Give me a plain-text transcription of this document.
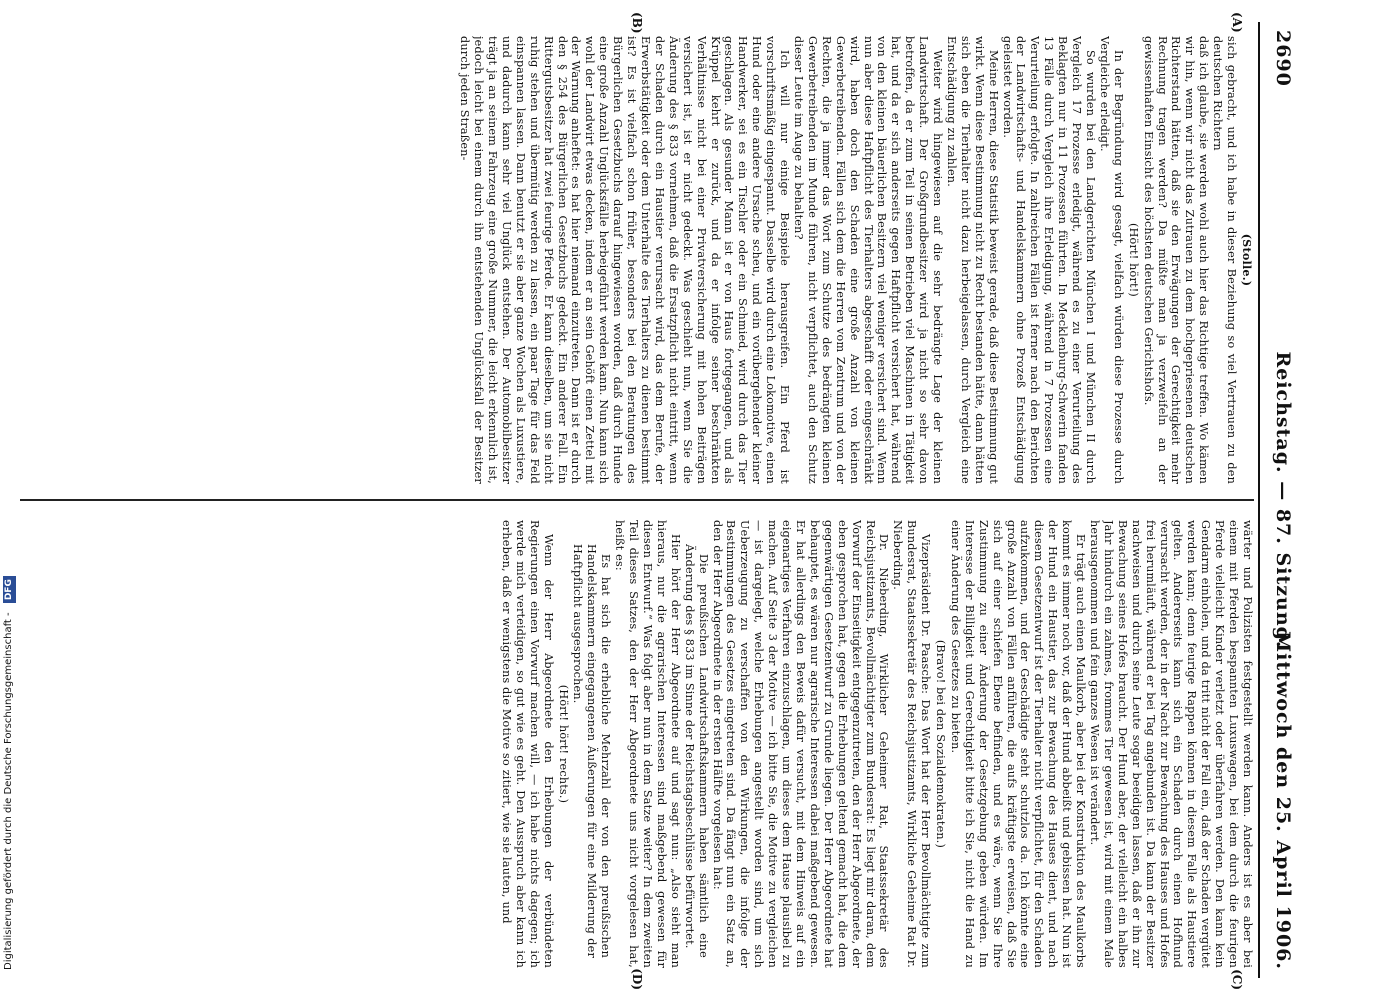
2690
Reichstag. — 87. Sitzung.
Mittwoch den 25. April 1906.
(A)
(B)
(C)
(D)
(Stolle.)

sich gebracht, und ich habe in dieser Beziehung so viel Vertrauen zu den deutschen Richtern

daß ich glaube, sie werden wohl auch hier das Richtige treffen. Wo kämen wir hin, wenn wir nicht das Zutrauen zu dem hochgepriesenen deutschen Richterstand hätten, daß sie den Erwägungen der Gerechtigkeit mehr Rechnung tragen werden? Da müßte man ja verzweifeln an der gewissenhaften Einsicht des höchsten deutschen Gerichtshofs.

(Hört! hört!)

In der Begründung wird gesagt, vielfach würden diese Prozesse durch Vergleiche erledigt.

So wurden bei den Landgerichten München I und München II durch Vergleich 17 Prozesse erledigt, während es zu einer Verurteilung des Beklagten nur in 11 Prozessen führten. In Mecklenburg-Schwerin fanden 13 Fälle durch Vergleich ihre Erledigung, während in 7 Prozessen eine Verurteilung erfolgte. In zahlreichen Fällen ist ferner nach den Berichten der Landwirtschafts- und Handelskammern ohne Prozeß Entschädigung geleistet worden.

Meine Herren, diese Statistik beweist gerade, daß diese Bestimmung gut wirkt. Wenn diese Bestimmung nicht zu Recht bestanden hätte, dann hätten sich eben die Tierhalter nicht dazu herbeigelassen, durch Vergleich eine Entschädigung zu zahlen.

Weiter wird hingewiesen auf die sehr bedrängte Lage der kleinen Landwirtschaft. Der Großgrundbesitzer wird ja nicht so sehr davon betroffen, da er zum Teil in seinen Betrieben viel Maschinen in Tätigkeit hat, und da er sich anderseits gegen Haftpflicht versichert hat, während von den kleinen bäuerlichen Besitzern viel weniger versichert sind. Wenn nun aber diese Haftpflicht des Tierhalters abgeschafft oder eingeschränkt wird, haben doch den Schaden eine große Anzahl von kleinen Gewerbetreibenden. Fällen sich dem die Herren vom Zentrum und von der Rechten, die ja immer das Wort zum Schutze des bedrängten kleinen Gewerbetreibenden im Munde führen, nicht verpflichtet, auch den Schutz dieser Leute im Auge zu behalten?

Ich will nur einige Beispiele herausgreifen. Ein Pferd ist vorschriftsmäßig eingespannt. Dasselbe wird durch eine Lokomotive, einen Hund oder eine andere Ursache scheu, und ein vorübergehender kleiner Handwerker, sei es ein Tischler oder ein Schmied, wird durch das Tier geschlagen. Als gesunder Mann ist er von Haus fortgegangen, und als Krüppel kehrt er zurück, und da er infolge seiner beschränkten Verhältnisse nicht bei einer Privatversicherung mit hohen Beiträgen versichert ist, ist er nicht gedeckt. Was geschieht nun, wenn Sie die Änderung des § 833 vornehmen, daß die Ersatzpflicht nicht eintritt, wenn der Schaden durch ein Haustier verursacht wird, das dem Berufe, der Erwerbstätigkeit oder dem Unterhalte des Tierhalters zu dienen bestimmt ist? Es ist vielfach schon früher, besonders bei den Beratungen des Bürgerlichen Gesetzbuchs darauf hingewiesen worden, daß durch Hunde eine große Anzahl Unglücksfälle herbeigeführt werden kann. Nun kann sich wohl der Landwirt etwas decken, indem er an sein Gehöft einen Zettel mit der Warnung anheftet: es hat hier niemand einzutreten. Dann ist er durch den § 254 des Bürgerlichen Gesetzbuchs gedeckt. Ein anderer Fall. Ein Rittergutsbesitzer hat zwei feurige Pferde. Er kann dieselben, um sie nicht ruhig stehen und übermütig werden zu lassen, ein paar Tage für das Feld einspannen lassen. Dann benutzt er sie aber ganze Wochen als Luxustiere, und dadurch kann sehr viel Unglück entstehen. Der Automobilbesitzer trägt ja an seinem Fahrzeug eine große Nummer, die leicht erkennlich ist, jedoch leicht bei einem durch ihn entstehenden Unglücksfall der Besitzer durch jeden Straßen-

wärter und Polizisten festgestellt werden kann. Anders ist es aber bei einem mit Pferden bespannten Luxuswagen, bei dem durch die feurigen Pferde vielleicht Kinder verletzt oder überfahren werden. Den kann kein Gendarm einholen, und da tritt nicht der Fall ein, daß der Schaden vergütet werden kann; denn feurige Rappen können in diesem Falle als Haustiere gelten. Andererseits kann sich ein Schaden durch einen Hofhund verursacht werden, der in der Nacht zur Bewachung des Hauses und Hofes frei herumläuft, während er bei Tag angebunden ist. Da kann der Besitzer nachweisen und durch seine Leute sogar beeidigen lassen, daß er ihn zur Bewachung seines Hofes braucht. Der Hund aber, der vielleicht ein halbes Jahr hindurch ein zahmes, frommes Tier gewesen ist, wird mit einem Male herausgenommen und fein ganzes Wesen ist verändert.

Er trägt auch einen Maulkorb, aber bei der Konstruktion des Maulkorbs kommt es immer noch vor, daß der Hund abbeißt und gebissen hat. Nun ist der Hund ein Haustier, das zur Bewachung des Hauses dient, und nach diesem Gesetzentwurf ist der Tierhalter nicht verpflichtet, für den Schaden aufzukommen, und der Geschädigte steht schutzlos da. Ich könnte eine große Anzahl von Fällen anführen, die aufs kräftigste erweisen, daß Sie sich auf einer schiefen Ebene befinden, und es wäre, wenn Sie Ihre Zustimmung zu einer Änderung der Gesetzgebung geben würden. Im Interesse der Billigkeit und Gerechtigkeit bitte ich Sie, nicht die Hand zu einer Änderung des Gesetzes zu bieten.

(Bravo! bei den Sozialdemokraten.)

Vizepräsident Dr. Paasche: Das Wort hat der Herr Bevollmächtigte zum Bundesrat, Staatssekretär des Reichsjustizamts, Wirkliche Geheime Rat Dr. Nieberding.

Dr. Nieberding, Wirklicher Geheimer Rat, Staatssekretär des Reichsjustizamts, Bevollmächtigter zum Bundesrat: Es liegt mir daran, dem Vorwurf der Einseitigkeit entgegenzutreten, den der Herr Abgeordnete, der eben gesprochen hat, gegen die Erhebungen geltend gemacht hat, die dem gegenwärtigen Gesetzentwurf zu Grunde liegen. Der Herr Abgeordnete hat behauptet, es wären nur agrarische Interessen dabei maßgebend gewesen. Er hat allerdings den Beweis dafür versucht, mit dem Hinweis auf ein eigenartiges Verfahren einzuschlagen, um dieses dem Hause plausibel zu machen. Auf Seite 3 der Motive — ich bitte Sie, die Motive zu vergleichen — ist dargelegt, welche Erhebungen angestellt worden sind, um sich Ueberzeugung zu verschaffen von den Wirkungen, die infolge der Bestimmungen des Gesetzes eingetreten sind. Da fängt nun ein Satz an, den der Herr Abgeordnete in der ersten Hälfte vorgelesen hat:

Die preußischen Landwirtschaftskammern haben sämtlich eine Änderung des § 833 im Sinne der Reichstagsbeschlüsse befürwortet.

Hier hört der Herr Abgeordnete auf und sagt nun: „Also sieht man hieraus, nur die agrarischen Interessen sind maßgebend gewesen für diesen Entwurf.“ Was folgt aber nun in dem Satze weiter? In dem zweiten Teil dieses Satzes, den der Herr Abgeordnete uns nicht vorgelesen hat, heißt es:

Es hat sich die erhebliche Mehrzahl der von den preußischen Handelskammern eingegangenen Äußerungen für eine Milderung der Haftpflicht ausgesprochen.

(Hört! hört! rechts.)

Wenn der Herr Abgeordnete den Erhebungen der verbündeten Regierungen einen Vorwurf machen will, — ich habe nichts dagegen; ich werde mich verteidigen, so gut wie es geht. Den Ausspruch aber kann ich erheben, daß er wenigstens die Motive so zitiert, wie sie lauten, und

Digitalisierung gefördert durch die Deutsche Forschungsgemeinschaft - DFG
